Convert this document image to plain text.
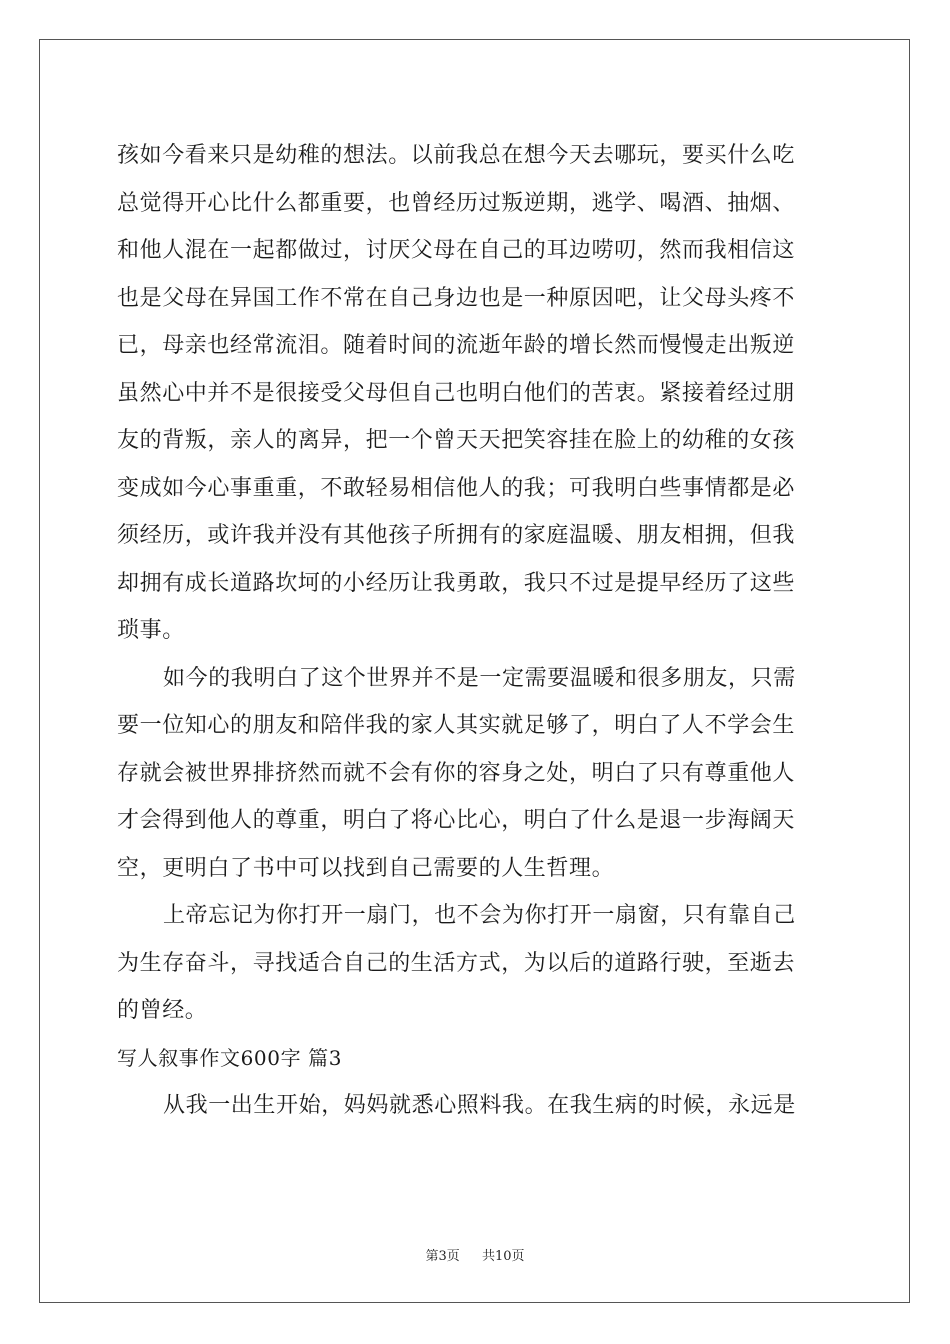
孩如今看来只是幼稚的想法。以前我总在想今天去哪玩，要买什么吃
总觉得开心比什么都重要，也曾经历过叛逆期，逃学、喝酒、抽烟、
和他人混在一起都做过，讨厌父母在自己的耳边唠叨，然而我相信这
也是父母在异国工作不常在自己身边也是一种原因吧，让父母头疼不
已，母亲也经常流泪。随着时间的流逝年龄的增长然而慢慢走出叛逆
虽然心中并不是很接受父母但自己也明白他们的苦衷。紧接着经过朋
友的背叛，亲人的离异，把一个曾天天把笑容挂在脸上的幼稚的女孩
变成如今心事重重，不敢轻易相信他人的我；可我明白些事情都是必
须经历，或许我并没有其他孩子所拥有的家庭温暖、朋友相拥，但我
却拥有成长道路坎坷的小经历让我勇敢，我只不过是提早经历了这些
琐事。
如今的我明白了这个世界并不是一定需要温暖和很多朋友，只需
要一位知心的朋友和陪伴我的家人其实就足够了，明白了人不学会生
存就会被世界排挤然而就不会有你的容身之处，明白了只有尊重他人
才会得到他人的尊重，明白了将心比心，明白了什么是退一步海阔天
空，更明白了书中可以找到自己需要的人生哲理。
上帝忘记为你打开一扇门，也不会为你打开一扇窗，只有靠自己
为生存奋斗，寻找适合自己的生活方式，为以后的道路行驶，至逝去
的曾经。
写人叙事作文600字 篇3
从我一出生开始，妈妈就悉心照料我。在我生病的时候，永远是
第3页 共10页
